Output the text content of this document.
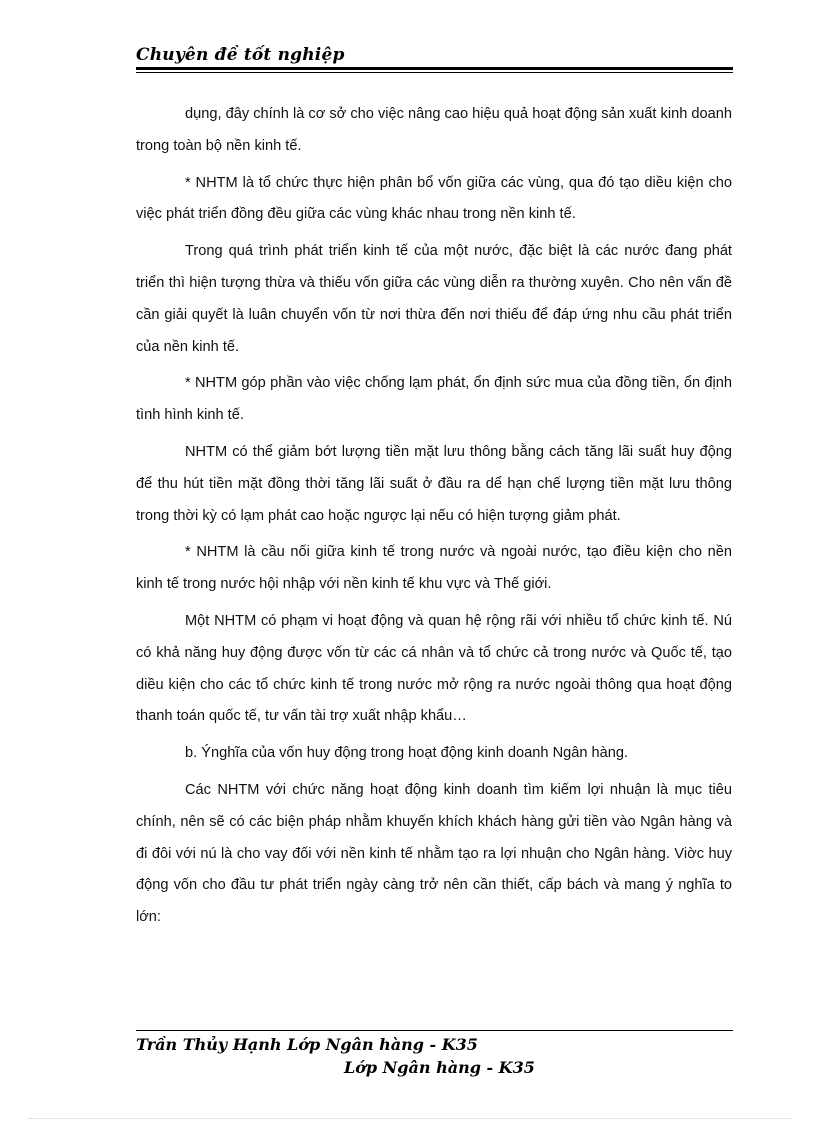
Chuyên đề tốt nghiệp

dụng, đây chính là cơ sở cho việc nâng cao hiệu quả hoạt động sản xuất kinh doanh trong toàn bộ nền kinh tế.

* NHTM là tổ chức thực hiện phân bổ vốn giữa các vùng, qua đó tạo diều kiện cho việc phát triển đồng đều giữa các vùng khác nhau trong nền kinh tế.

Trong quá trình phát triển kinh tế của một nước, đặc biệt là các nước đang phát triển thì hiện tượng thừa và thiếu vốn giữa các vùng diễn ra thường xuyên. Cho nên vấn đề cần giải quyết là luân chuyển vốn từ nơi thừa đến nơi thiếu để đáp ứng nhu cầu phát triển của nền kinh tế.

* NHTM góp phần vào việc chống lạm phát, ổn định sức mua của đồng tiền, ổn định tình hình kinh tế.

NHTM có thể giảm bớt lượng tiền mặt lưu thông bằng cách tăng lãi suất huy động để thu hút tiền mặt đồng thời tăng lãi suất ở đầu ra dể hạn chế lượng tiền mặt lưu thông trong thời kỳ có lạm phát cao hoặc ngược lại nếu có hiện tượng giảm phát.

* NHTM là cầu nối giữa kinh tế trong nước và ngoài nước, tạo điều kiện cho nền kinh tế trong nước hội nhập với nền kinh tế khu vực và Thế giới.

Một NHTM có phạm vi hoạt động và quan hệ rộng rãi với nhiều tổ chức kinh tế. Nú có khả năng huy động được vốn từ các cá nhân và tổ chức cả trong nước và Quốc tế, tạo diều kiện cho các tổ chức kinh tế trong nước mở rộng ra nước ngoài thông qua hoạt động thanh toán quốc tế, tư vấn tài trợ xuất nhập khẩu…

b. Ýnghĩa của vốn huy động trong hoạt động kinh doanh Ngân hàng.

Các NHTM với chức năng hoạt động kinh doanh tìm kiếm lợi nhuận là mục tiêu chính, nên sẽ có các biện pháp nhằm khuyến khích khách hàng gửi tiền vào Ngân hàng và đi đôi với nú là cho vay đối với nền kinh tế nhằm tạo ra lợi nhuận cho Ngân hàng. Viờc huy động vốn cho đầu tư phát triển ngày càng trở nên cần thiết, cấp bách và mang ý nghĩa to lớn:

Trần Thủy Hạnh Lớp Ngân hàng - K35
Lớp Ngân hàng - K35
